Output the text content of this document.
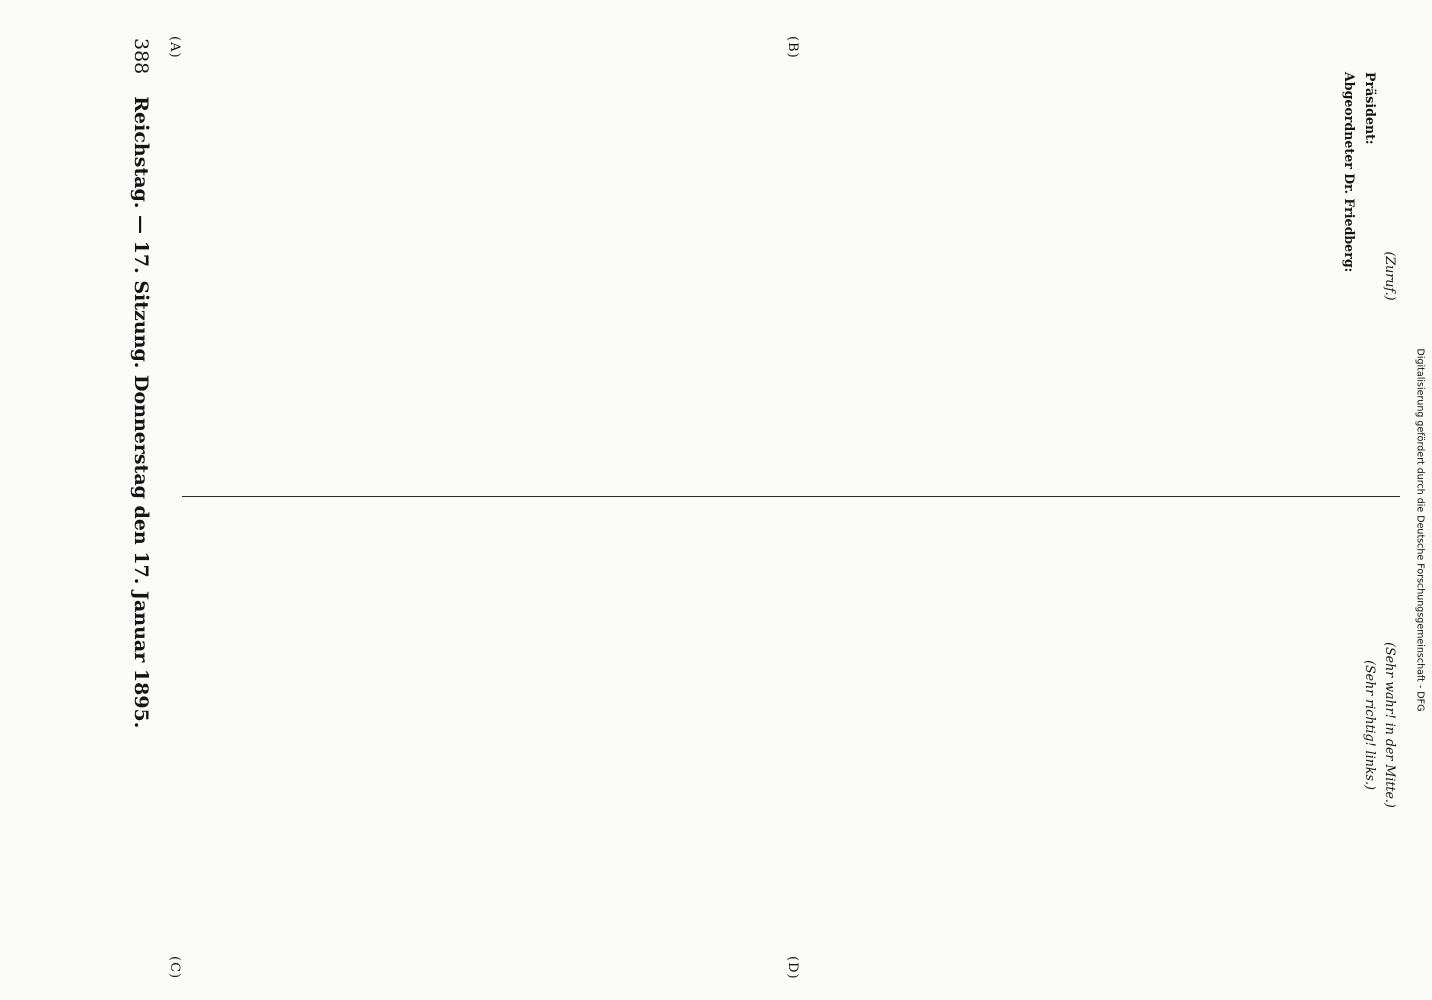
388
Reichstag. — 17. Sitzung. Donnerstag den 17. Januar 1895.	(Zuruf.)

Präsident:

Abgeordneter Dr. Friedberg:

(Sehr wahr! in der Mitte.)

(Sehr richtig! links.)

(A)	(B)
(C)	(D)
Digitalisierung gefördert durch die Deutsche Forschungsgemeinschaft - DFG
